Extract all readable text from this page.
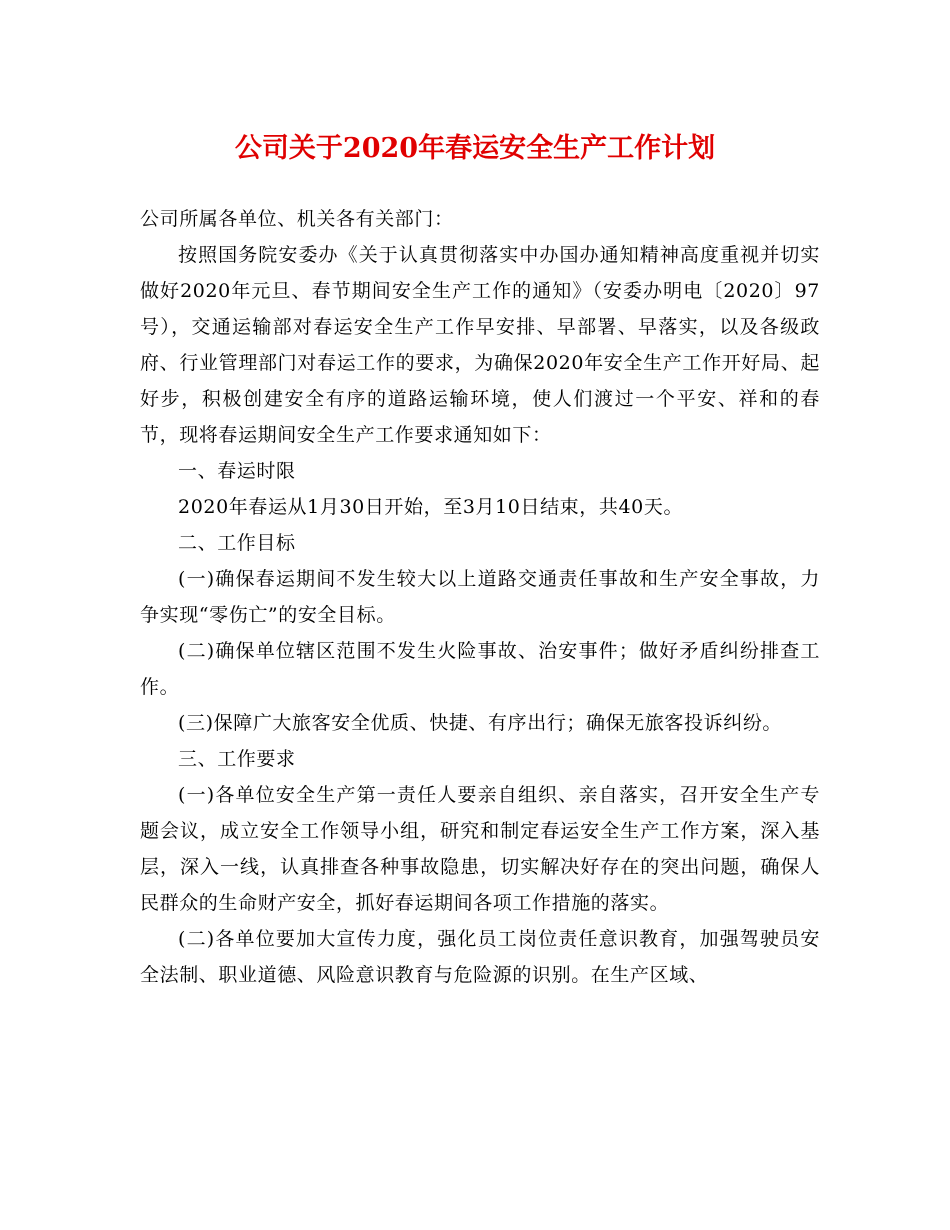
公司关于2020年春运安全生产工作计划

公司所属各单位、机关各有关部门：

按照国务院安委办《关于认真贯彻落实中办国办通知精神高度重视并切实做好2020年元旦、春节期间安全生产工作的通知》（安委办明电〔2020〕97号），交通运输部对春运安全生产工作早安排、早部署、早落实，以及各级政府、行业管理部门对春运工作的要求，为确保2020年安全生产工作开好局、起好步，积极创建安全有序的道路运输环境，使人们渡过一个平安、祥和的春节，现将春运期间安全生产工作要求通知如下：

一、春运时限

2020年春运从1月30日开始，至3月10日结束，共40天。

二、工作目标

(一)确保春运期间不发生较大以上道路交通责任事故和生产安全事故，力争实现“零伤亡”的安全目标。

(二)确保单位辖区范围不发生火险事故、治安事件；做好矛盾纠纷排查工作。

(三)保障广大旅客安全优质、快捷、有序出行；确保无旅客投诉纠纷。

三、工作要求

(一)各单位安全生产第一责任人要亲自组织、亲自落实，召开安全生产专题会议，成立安全工作领导小组，研究和制定春运安全生产工作方案，深入基层，深入一线，认真排查各种事故隐患，切实解决好存在的突出问题，确保人民群众的生命财产安全，抓好春运期间各项工作措施的落实。

(二)各单位要加大宣传力度，强化员工岗位责任意识教育，加强驾驶员安全法制、职业道德、风险意识教育与危险源的识别。在生产区域、
